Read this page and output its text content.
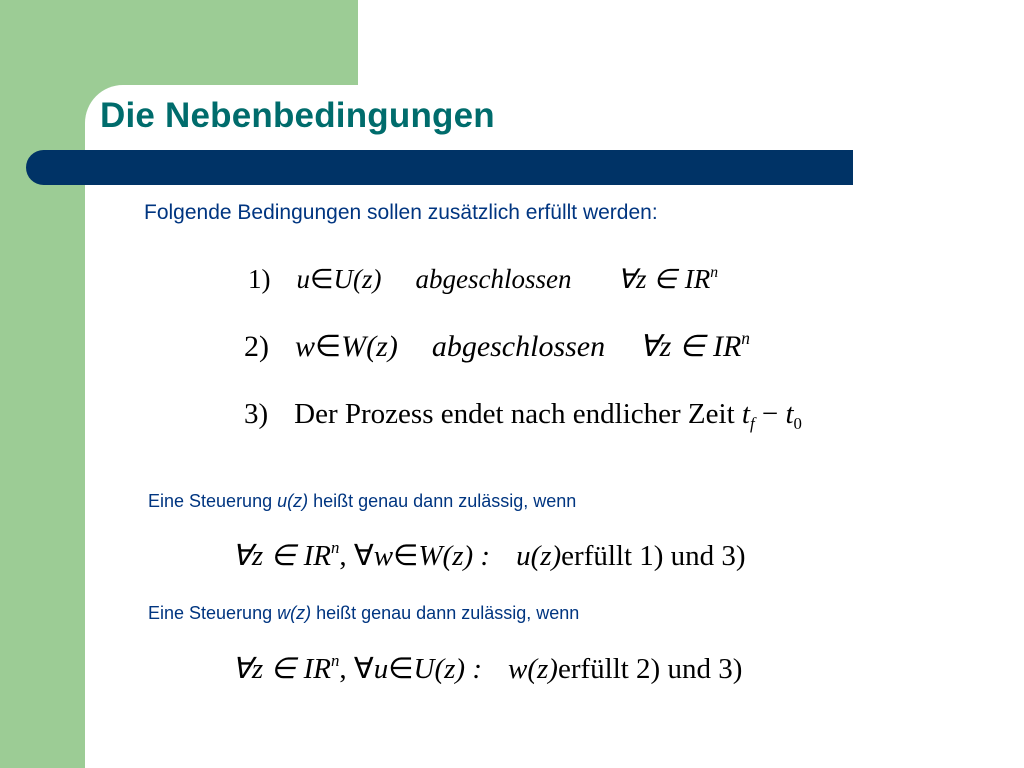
Die Nebenbedingungen

Folgende Bedingungen sollen zusätzlich erfüllt werden:

1) u∈U(z) abgeschlossen ∀z ∈ $IR^n$
2) w∈W(z) abgeschlossen ∀z ∈ $IR^n$
3) Der Prozess endet nach endlicher Zeit $t_f - t_0$

Eine Steuerung u(z) heißt genau dann zulässig, wenn

∀z ∈ $IR^n$, ∀w∈W(z) : u(z)erfüllt 1) und 3)

Eine Steuerung w(z) heißt genau dann zulässig, wenn

∀z ∈ $IR^n$, ∀u∈U(z) : w(z)erfüllt 2) und 3)
